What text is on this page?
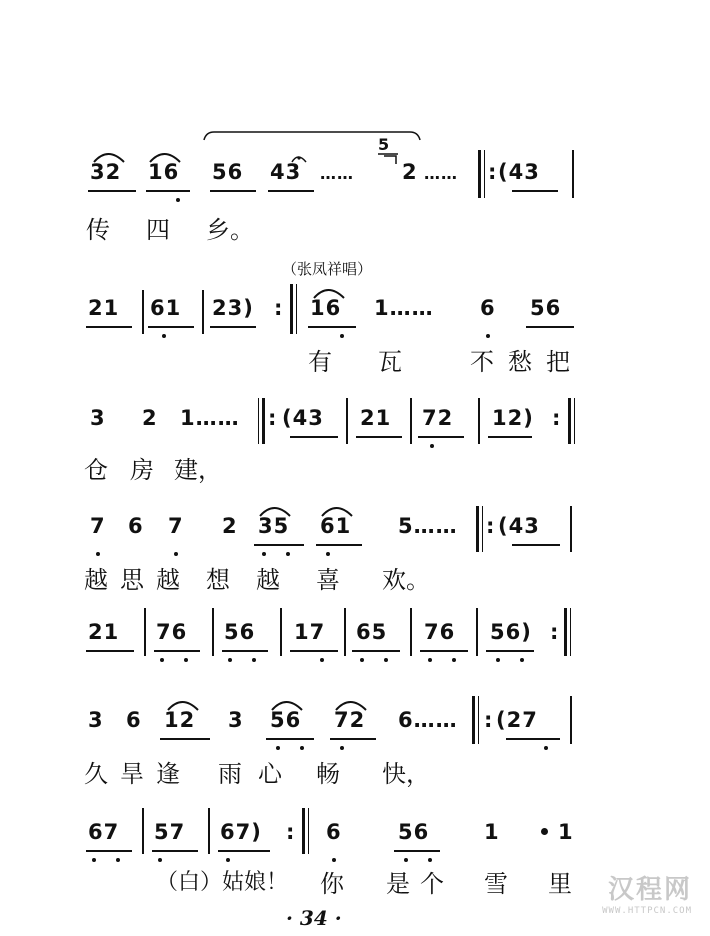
32 16 56 43 ……
5
2 …… : (43
传 四 乡。
（张凤祥唱）
21 61 23) : 16 1…… 6 56
有 瓦	不 愁 把
3 2 1…… : (43 21 72 12) :
仓 房 建，
7 6 7 2 35 61 5…… : (43
越 思 越 想 越 喜 欢。
21 76 56 17 65 76 56) :
3 6 12 3 56 72 6…… : (27
久 旱 逢 雨 心 畅 快，
67 57 67) : 6	56	1	1
（白）姑娘！ 你 是 个 雪 里
· 34 ·
汉程网
WWW.HTTPCN.COM
